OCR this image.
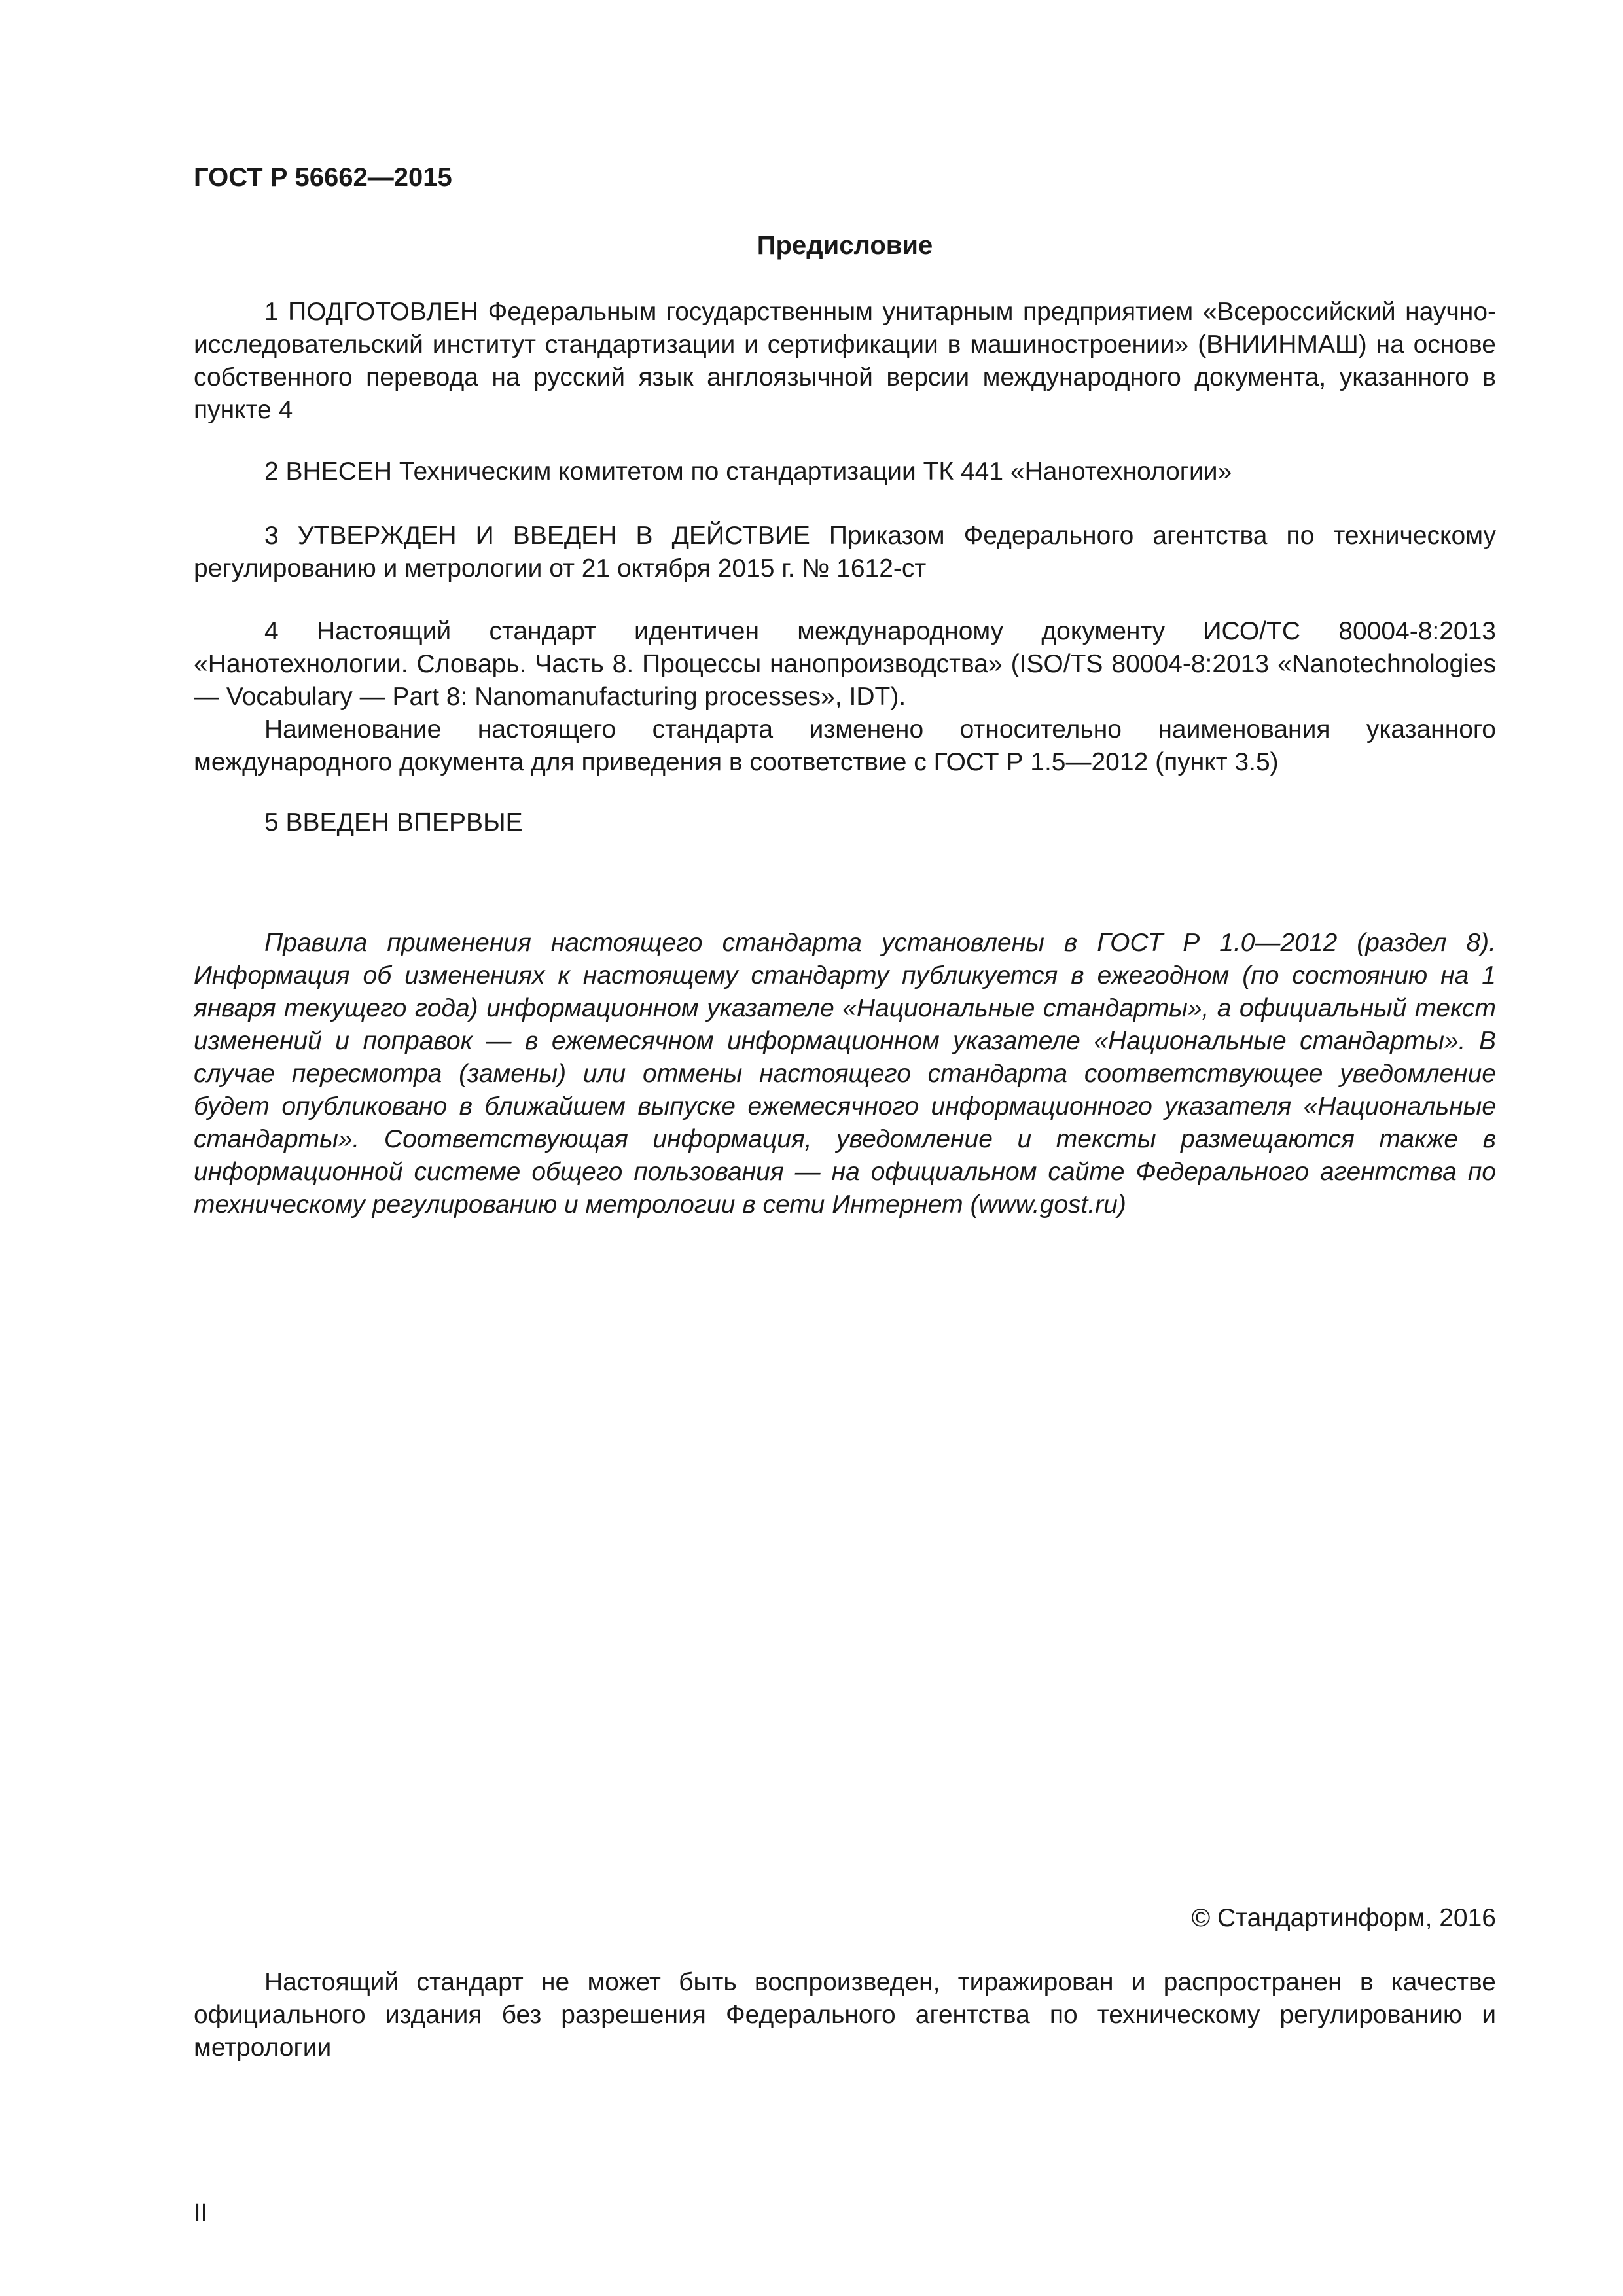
ГОСТ Р 56662—2015
Предисловие

1 ПОДГОТОВЛЕН Федеральным государственным унитарным предприятием «Всероссийский научно-исследовательский институт стандартизации и сертификации в машиностроении» (ВНИИНМАШ) на основе собственного перевода на русский язык англоязычной версии международного документа, указанного в пункте 4

2 ВНЕСЕН Техническим комитетом по стандартизации ТК 441 «Нанотехнологии»

3 УТВЕРЖДЕН И ВВЕДЕН В ДЕЙСТВИЕ Приказом Федерального агентства по техническому регулированию и метрологии от 21 октября 2015 г. № 1612-ст

4 Настоящий стандарт идентичен международному документу ИСО/ТС 80004-8:2013 «Нанотехнологии. Словарь. Часть 8. Процессы нанопроизводства» (ISO/TS 80004-8:2013 «Nanotechnologies — Vocabulary — Part 8: Nanomanufacturing processes», IDT).

Наименование настоящего стандарта изменено относительно наименования указанного международного документа для приведения в соответствие с ГОСТ Р 1.5—2012 (пункт 3.5)

5 ВВЕДЕН ВПЕРВЫЕ

Правила применения настоящего стандарта установлены в ГОСТ Р 1.0—2012 (раздел 8). Информация об изменениях к настоящему стандарту публикуется в ежегодном (по состоянию на 1 января текущего года) информационном указателе «Национальные стандарты», а официальный текст изменений и поправок — в ежемесячном информационном указателе «Национальные стандарты». В случае пересмотра (замены) или отмены настоящего стандарта соответствующее уведомление будет опубликовано в ближайшем выпуске ежемесячного информационного указателя «Национальные стандарты». Соответствующая информация, уведомление и тексты размещаются также в информационной системе общего пользования — на официальном сайте Федерального агентства по техническому регулированию и метрологии в сети Интернет (www.gost.ru)

© Стандартинформ, 2016

Настоящий стандарт не может быть воспроизведен, тиражирован и распространен в качестве официального издания без разрешения Федерального агентства по техническому регулированию и метрологии

II
